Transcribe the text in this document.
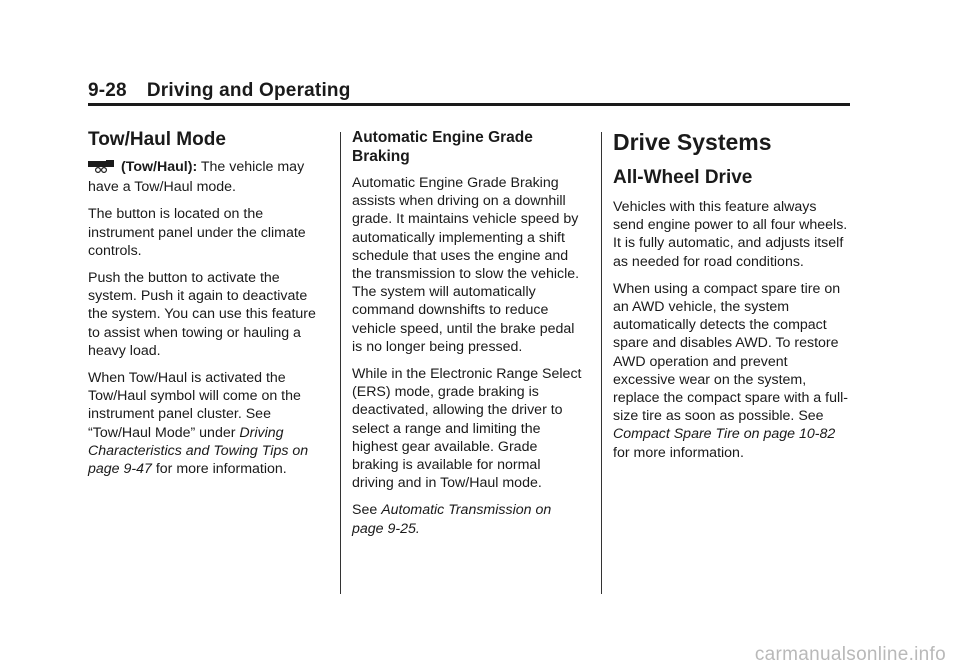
9-28 Driving and Operating
Tow/Haul Mode

(Tow/Haul): The vehicle may have a Tow/Haul mode.

The button is located on the instrument panel under the climate controls.

Push the button to activate the system. Push it again to deactivate the system. You can use this feature to assist when towing or hauling a heavy load.

When Tow/Haul is activated the Tow/Haul symbol will come on the instrument panel cluster. See “Tow/Haul Mode” under Driving Characteristics and Towing Tips on page 9-47 for more information.

Automatic Engine Grade Braking

Automatic Engine Grade Braking assists when driving on a downhill grade. It maintains vehicle speed by automatically implementing a shift schedule that uses the engine and the transmission to slow the vehicle. The system will automatically command downshifts to reduce vehicle speed, until the brake pedal is no longer being pressed.

While in the Electronic Range Select (ERS) mode, grade braking is deactivated, allowing the driver to select a range and limiting the highest gear available. Grade braking is available for normal driving and in Tow/Haul mode.

See Automatic Transmission on page 9-25.

Drive Systems
All-Wheel Drive

Vehicles with this feature always send engine power to all four wheels. It is fully automatic, and adjusts itself as needed for road conditions.

When using a compact spare tire on an AWD vehicle, the system automatically detects the compact spare and disables AWD. To restore AWD operation and prevent excessive wear on the system, replace the compact spare with a full-size tire as soon as possible. See Compact Spare Tire on page 10-82 for more information.

carmanualsonline.info
